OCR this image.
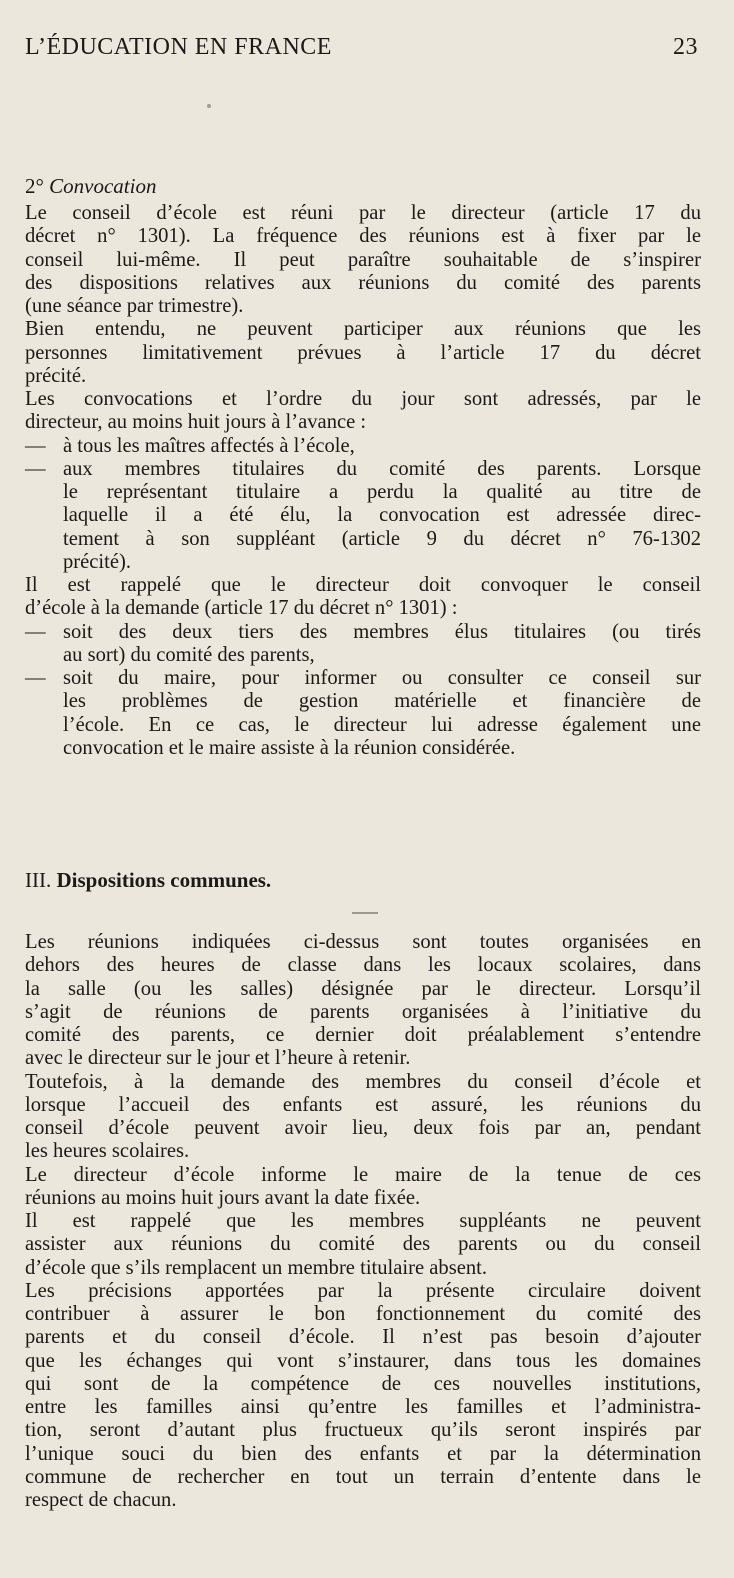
L’ÉDUCATION EN FRANCE	23
2° Convocation
Le conseil d’école est réuni par le directeur (article 17 du
décret n° 1301). La fréquence des réunions est à fixer par le
conseil lui-même. Il peut paraître souhaitable de s’inspirer
des dispositions relatives aux réunions du comité des parents
(une séance par trimestre).
Bien entendu, ne peuvent participer aux réunions que les
personnes limitativement prévues à l’article 17 du décret
précité.
Les convocations et l’ordre du jour sont adressés, par le
directeur, au moins huit jours à l’avance :
— à tous les maîtres affectés à l’école,
— aux membres titulaires du comité des parents. Lorsque
le représentant titulaire a perdu la qualité au titre de
laquelle il a été élu, la convocation est adressée direc-
tement à son suppléant (article 9 du décret n° 76-1302
précité).
Il est rappelé que le directeur doit convoquer le conseil
d’école à la demande (article 17 du décret n° 1301) :
— soit des deux tiers des membres élus titulaires (ou tirés
au sort) du comité des parents,
— soit du maire, pour informer ou consulter ce conseil sur
les problèmes de gestion matérielle et financière de
l’école. En ce cas, le directeur lui adresse également une
convocation et le maire assiste à la réunion considérée.
III. Dispositions communes.
Les réunions indiquées ci-dessus sont toutes organisées en
dehors des heures de classe dans les locaux scolaires, dans
la salle (ou les salles) désignée par le directeur. Lorsqu’il
s’agit de réunions de parents organisées à l’initiative du
comité des parents, ce dernier doit préalablement s’entendre
avec le directeur sur le jour et l’heure à retenir.
Toutefois, à la demande des membres du conseil d’école et
lorsque l’accueil des enfants est assuré, les réunions du
conseil d’école peuvent avoir lieu, deux fois par an, pendant
les heures scolaires.
Le directeur d’école informe le maire de la tenue de ces
réunions au moins huit jours avant la date fixée.
Il est rappelé que les membres suppléants ne peuvent
assister aux réunions du comité des parents ou du conseil
d’école que s’ils remplacent un membre titulaire absent.
Les précisions apportées par la présente circulaire doivent
contribuer à assurer le bon fonctionnement du comité des
parents et du conseil d’école. Il n’est pas besoin d’ajouter
que les échanges qui vont s’instaurer, dans tous les domaines
qui sont de la compétence de ces nouvelles institutions,
entre les familles ainsi qu’entre les familles et l’administra-
tion, seront d’autant plus fructueux qu’ils seront inspirés par
l’unique souci du bien des enfants et par la détermination
commune de rechercher en tout un terrain d’entente dans le
respect de chacun.
